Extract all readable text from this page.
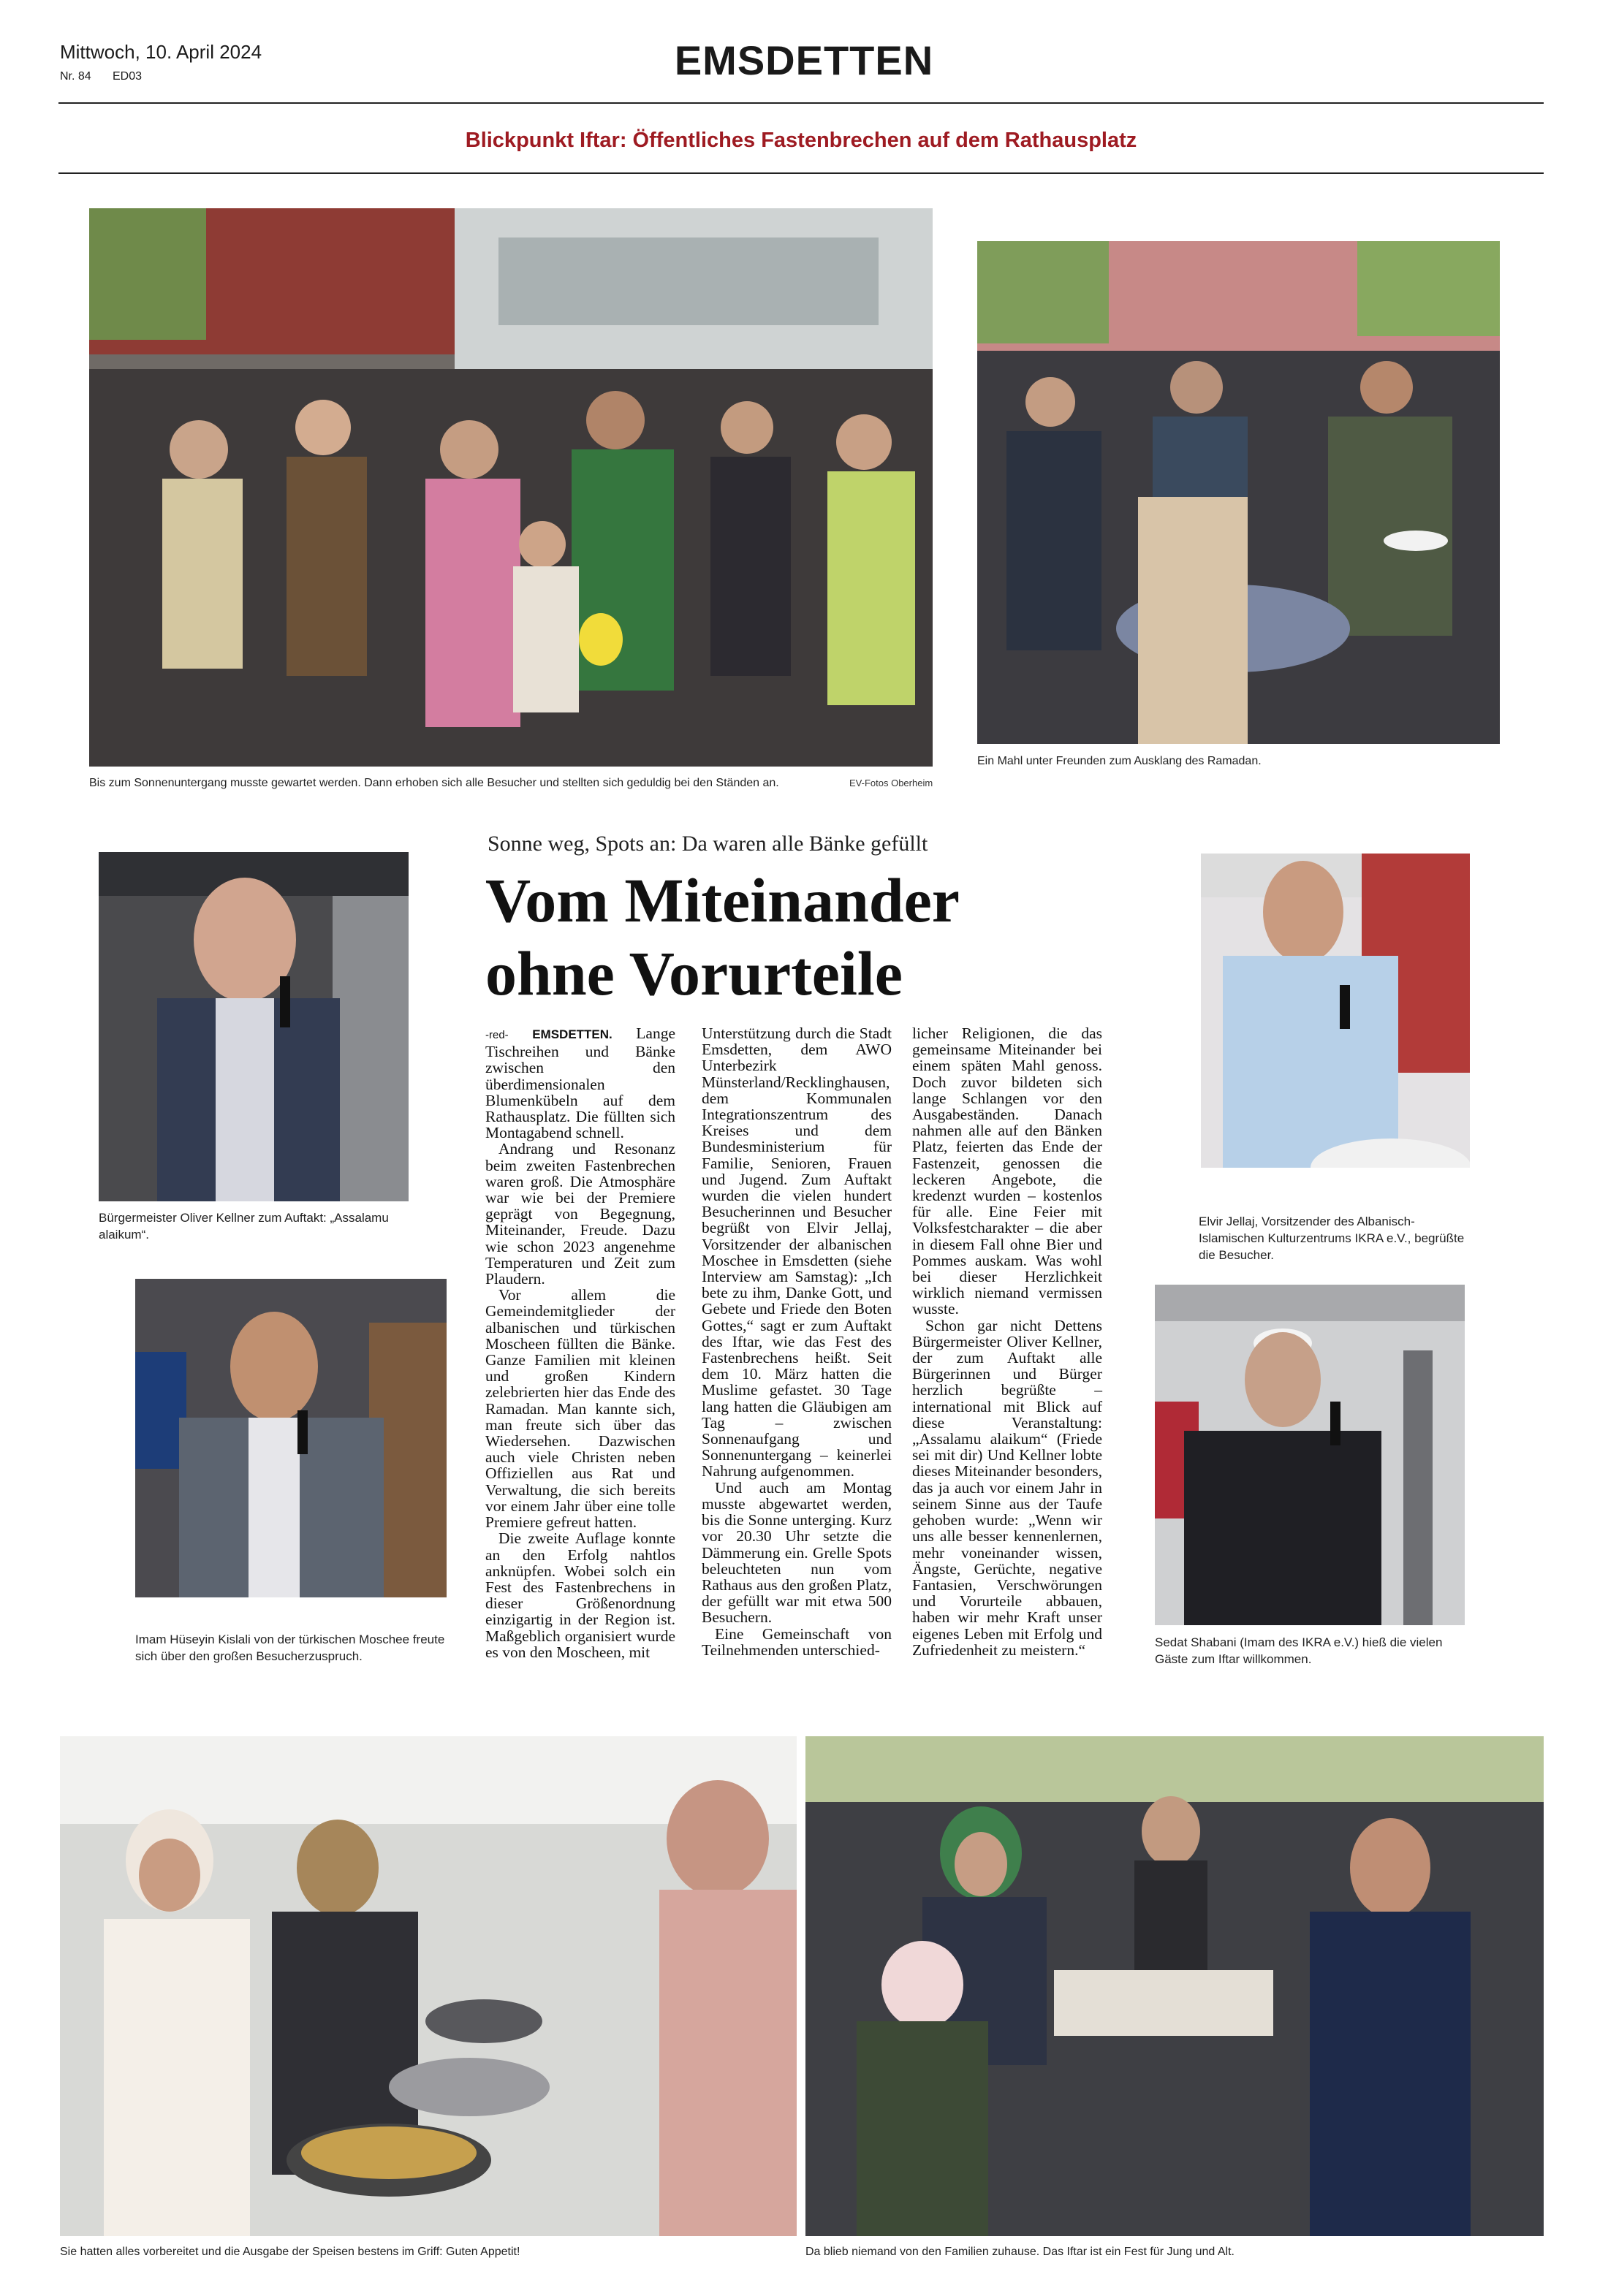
Mittwoch, 10. April 2024
Nr. 84 ED03	EMSDETTEN
Blickpunkt Iftar: Öffentliches Fastenbrechen auf dem Rathausplatz
Bis zum Sonnenuntergang musste gewartet werden. Dann erhoben sich alle Besucher und stellten sich geduldig bei den Ständen an.	EV-Fotos Oberheim
Ein Mahl unter Freunden zum Ausklang des Ramadan.
Sonne weg, Spots an: Da waren alle Bänke gefüllt
Vom Miteinander
ohne Vorurteile

-red- EMSDETTEN. Lange Tischreihen und Bänke zwischen den überdimensionalen Blumenkübeln auf dem Rathausplatz. Die füllten sich Montagabend schnell.

Andrang und Resonanz beim zweiten Fastenbrechen waren groß. Die Atmosphäre war wie bei der Premiere geprägt von Begegnung, Miteinander, Freude. Dazu wie schon 2023 angenehme Temperaturen und Zeit zum Plaudern.

Vor allem die Gemeindemitglieder der albanischen und türkischen Moscheen füllten die Bänke. Ganze Familien mit kleinen und großen Kindern zelebrierten hier das Ende des Ramadan. Man kannte sich, man freute sich über das Wiedersehen. Dazwischen auch viele Christen neben Offiziellen aus Rat und Verwaltung, die sich bereits vor einem Jahr über eine tolle Premiere gefreut hatten.

Die zweite Auflage konnte an den Erfolg nahtlos anknüpfen. Wobei solch ein Fest des Fastenbrechens in dieser Größenordnung einzigartig in der Region ist. Maßgeblich organisiert wurde es von den Moscheen, mit

Unterstützung durch die Stadt Emsdetten, dem AWO Unterbezirk Münsterland/Recklinghausen, dem Kommunalen Integrationszentrum des Kreises und dem Bundesministerium für Familie, Senioren, Frauen und Jugend. Zum Auftakt wurden die vielen hundert Besucherinnen und Besucher begrüßt von Elvir Jellaj, Vorsitzender der albanischen Moschee in Emsdetten (siehe Interview am Samstag): „Ich bete zu ihm, Danke Gott, und Gebete und Friede den Boten Gottes,“ sagt er zum Auftakt des Iftar, wie das Fest des Fastenbrechens heißt. Seit dem 10. März hatten die Muslime gefastet. 30 Tage lang hatten die Gläubigen am Tag – zwischen Sonnenaufgang und Sonnenuntergang – keinerlei Nahrung aufgenommen.

Und auch am Montag musste abgewartet werden, bis die Sonne unterging. Kurz vor 20.30 Uhr setzte die Dämmerung ein. Grelle Spots beleuchteten nun vom Rathaus aus den großen Platz, der gefüllt war mit etwa 500 Besuchern.

Eine Gemeinschaft von Teilnehmenden unterschied-

licher Religionen, die das gemeinsame Miteinander bei einem späten Mahl genoss. Doch zuvor bildeten sich lange Schlangen vor den Ausgabeständen. Danach nahmen alle auf den Bänken Platz, feierten das Ende der Fastenzeit, genossen die leckeren Angebote, die kredenzt wurden – kostenlos für alle. Eine Feier mit Volksfestcharakter – die aber in diesem Fall ohne Bier und Pommes auskam. Was wohl bei dieser Herzlichkeit wirklich niemand vermissen wusste.

Schon gar nicht Dettens Bürgermeister Oliver Kellner, der zum Auftakt alle Bürgerinnen und Bürger herzlich begrüßte – international mit Blick auf diese Veranstaltung: „Assalamu alaikum“ (Friede sei mit dir) Und Kellner lobte dieses Miteinander besonders, das ja auch vor einem Jahr in seinem Sinne aus der Taufe gehoben wurde: „Wenn wir uns alle besser kennenlernen, mehr voneinander wissen, Ängste, Gerüchte, negative Fantasien, Verschwörungen und Vorurteile abbauen, haben wir mehr Kraft unser eigenes Leben mit Erfolg und Zufriedenheit zu meistern.“

Bürgermeister Oliver Kellner zum Auftakt: „Assalamu alaikum“.
Imam Hüseyin Kislali von der türkischen Moschee freute sich über den großen Besucherzuspruch.
Elvir Jellaj, Vorsitzender des Albanisch-Islamischen Kulturzentrums IKRA e.V., begrüßte die Besucher.
Sedat Shabani (Imam des IKRA e.V.) hieß die vielen Gäste zum Iftar willkommen.
Sie hatten alles vorbereitet und die Ausgabe der Speisen bestens im Griff: Guten Appetit!	Da blieb niemand von den Familien zuhause. Das Iftar ist ein Fest für Jung und Alt.
